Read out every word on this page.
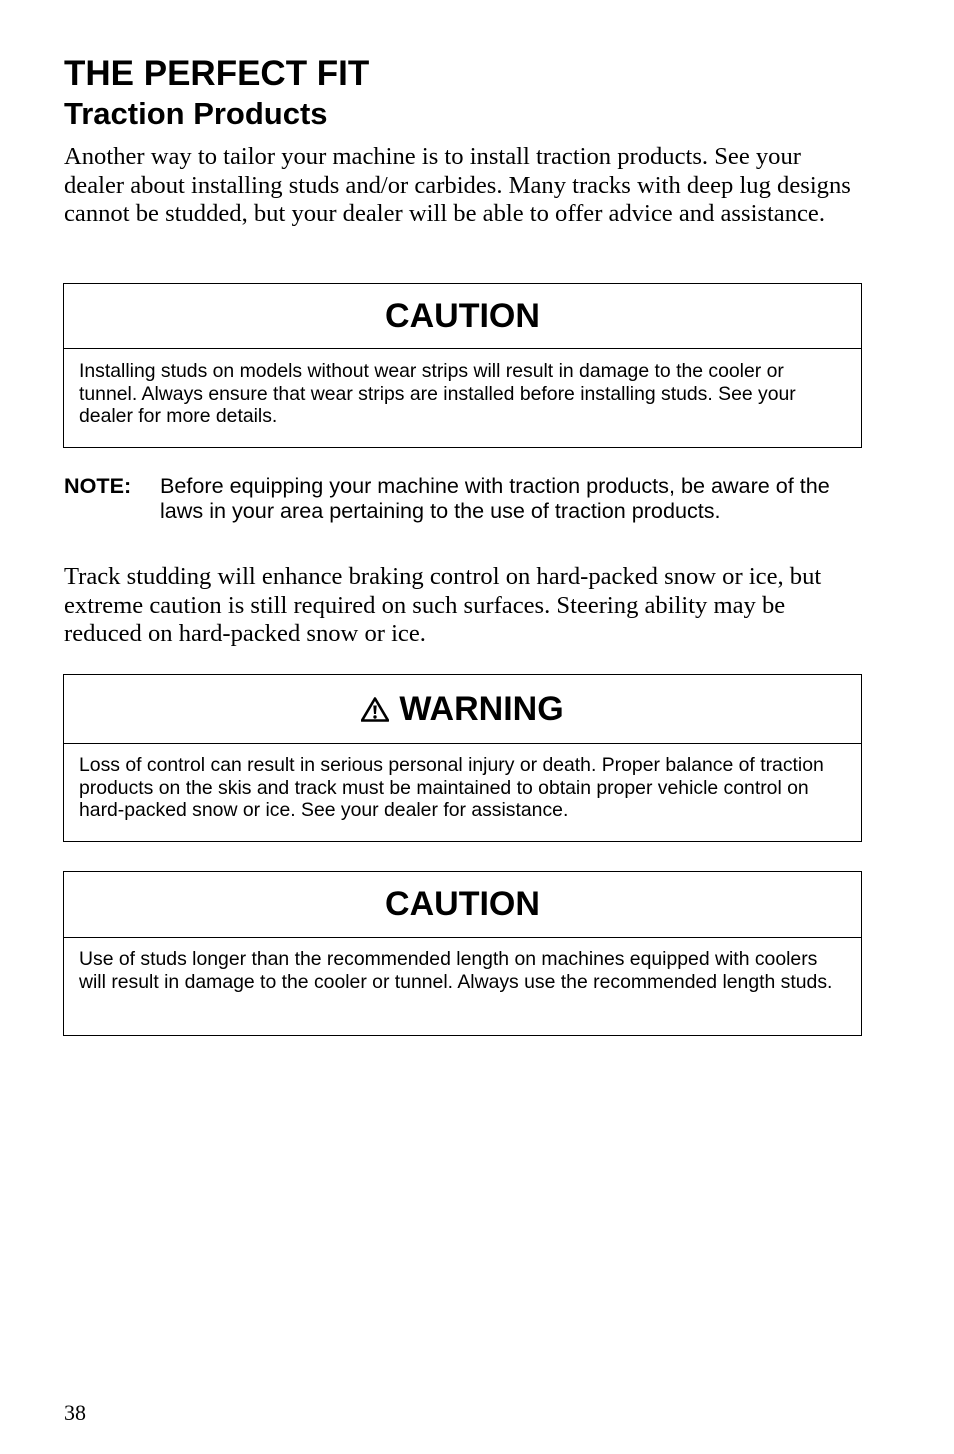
THE PERFECT FIT
Traction Products

Another way to tailor your machine is to install traction products. See your dealer about installing studs and/or carbides. Many tracks with deep lug designs cannot be studded, but your dealer will be able to offer advice and assistance.

CAUTION
Installing studs on models without wear strips will result in damage to the cooler or tunnel. Always ensure that wear strips are installed before installing studs. See your dealer for more details.
NOTE: Before equipping your machine with traction products, be aware of the laws in your area pertaining to the use of traction products.

Track studding will enhance braking control on hard-packed snow or ice, but extreme caution is still required on such surfaces. Steering ability may be reduced on hard-packed snow or ice.

WARNING
Loss of control can result in serious personal injury or death. Proper balance of traction products on the skis and track must be maintained to obtain proper vehicle control on hard-packed snow or ice. See your dealer for assistance.
CAUTION
Use of studs longer than the recommended length on machines equipped with coolers will result in damage to the cooler or tunnel. Always use the recommended length studs.
38
